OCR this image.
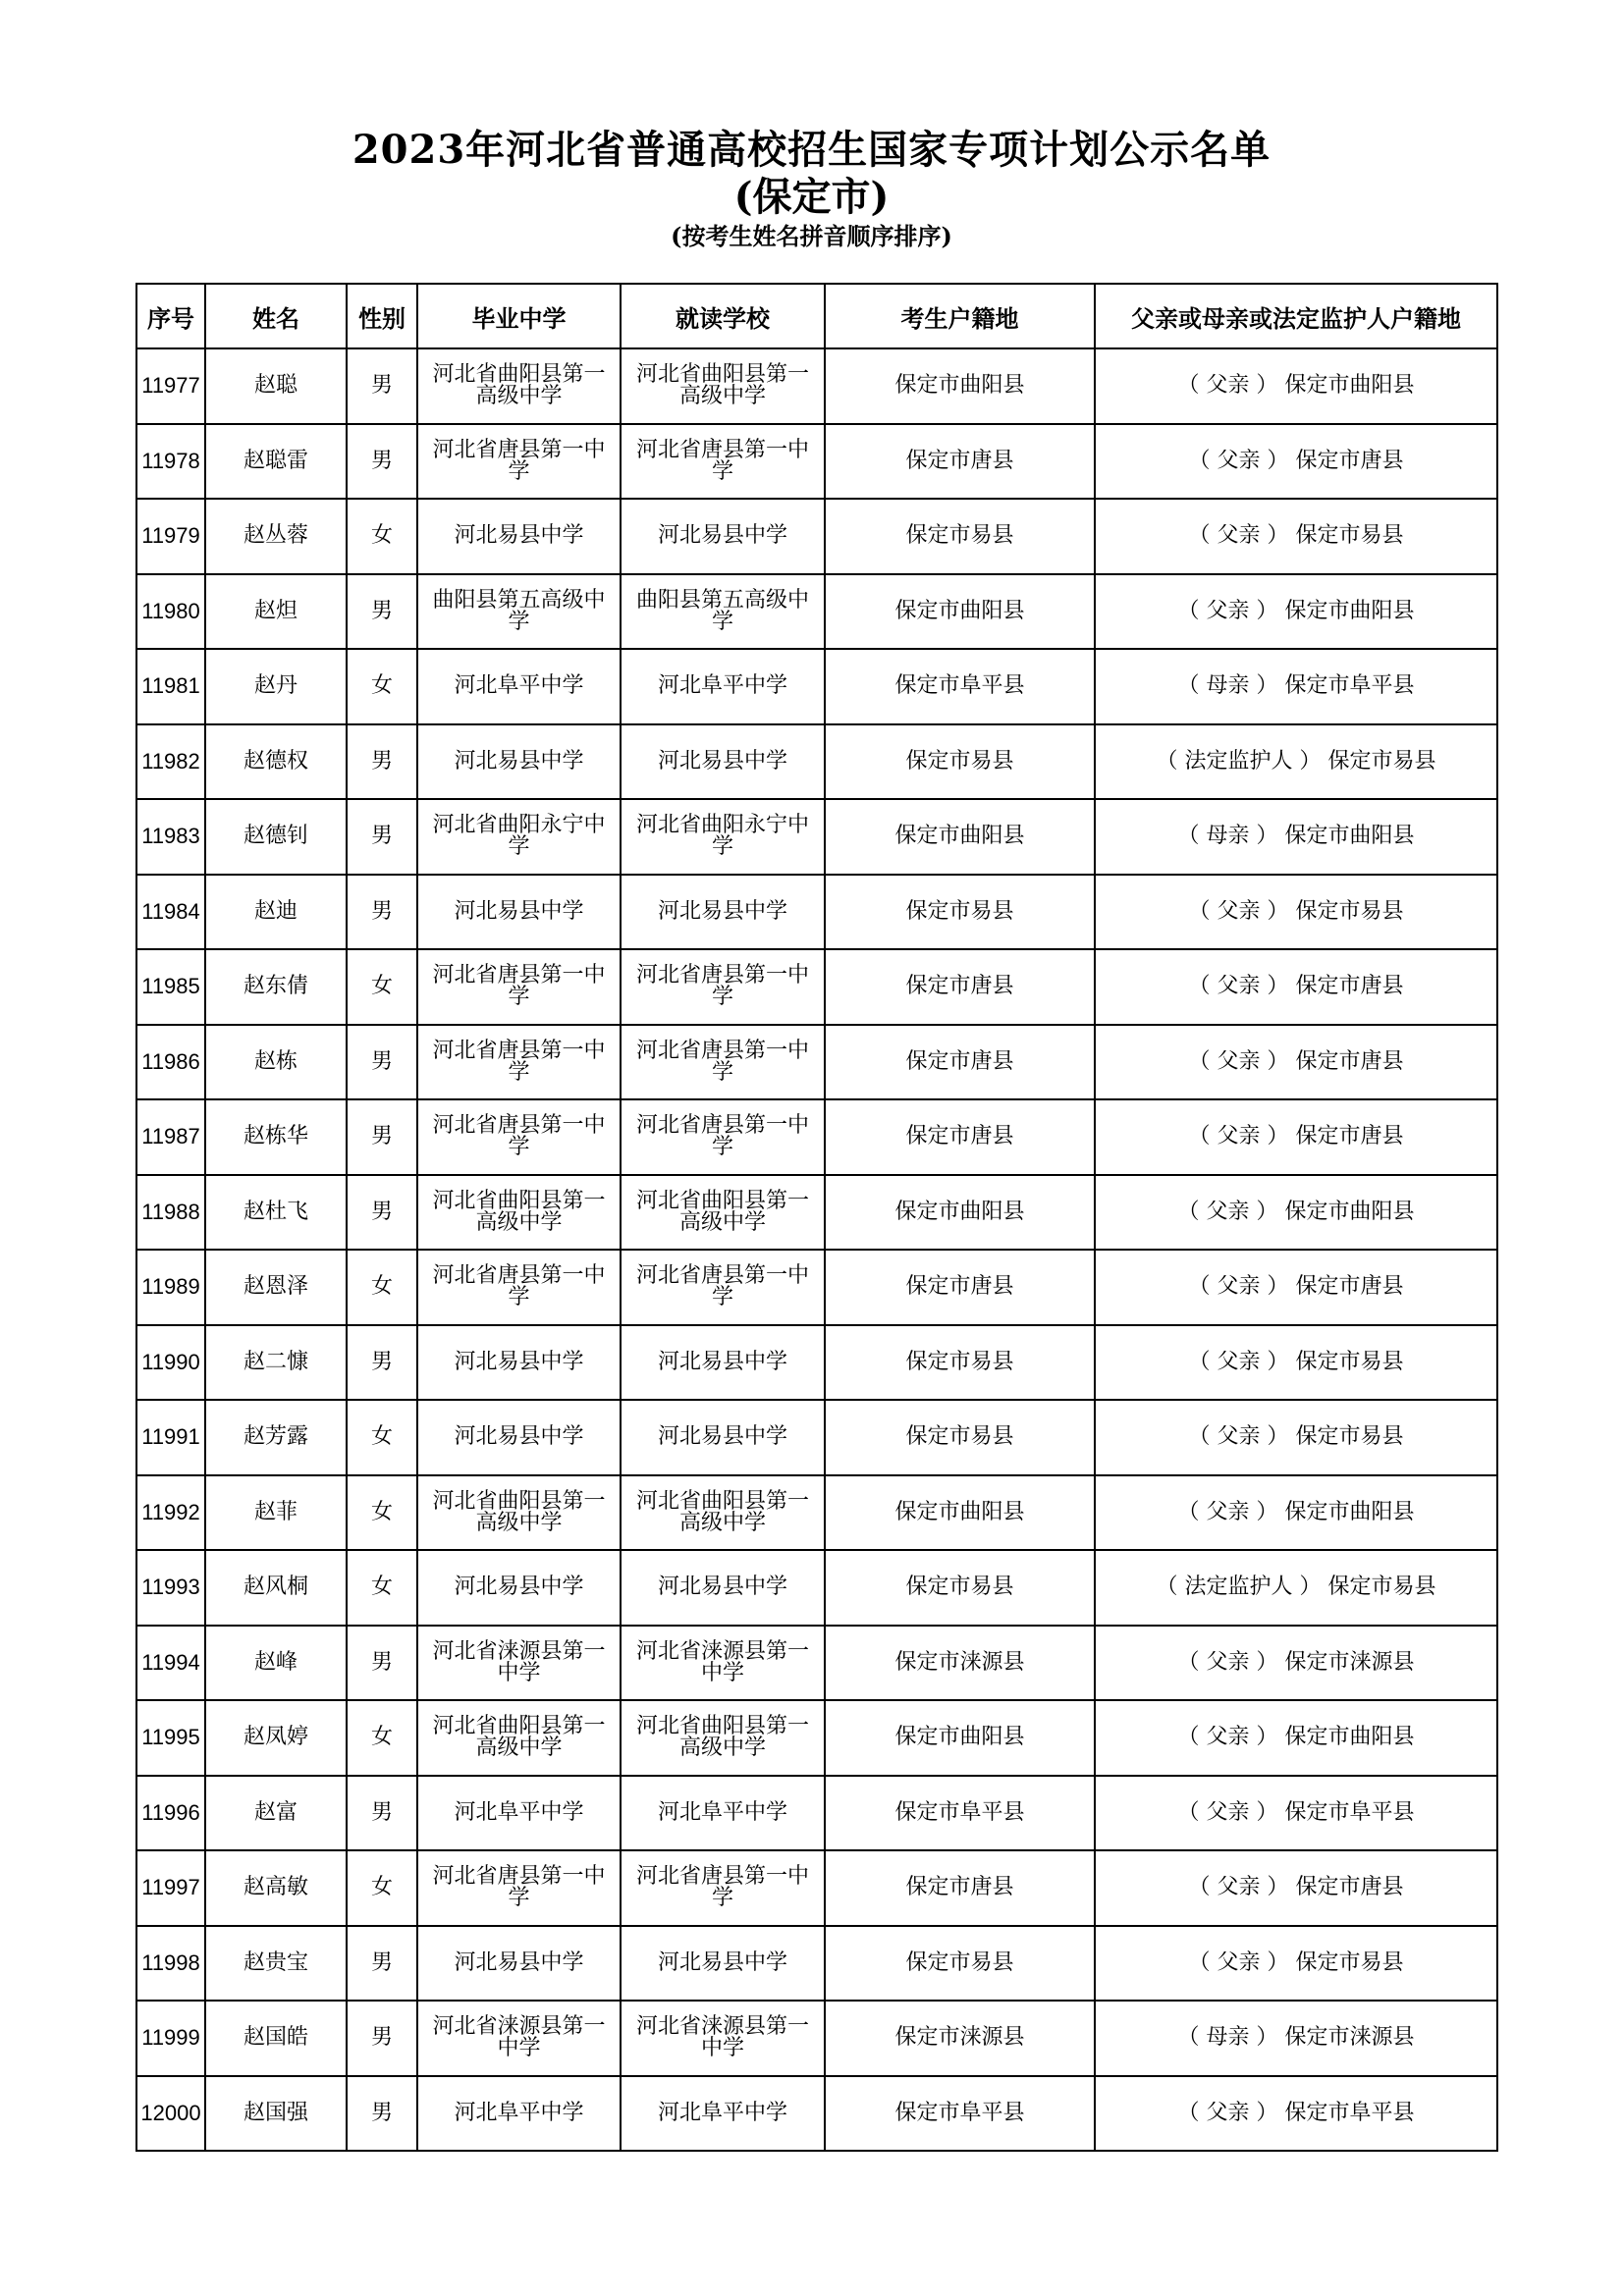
2023年河北省普通高校招生国家专项计划公示名单
(保定市)
(按考生姓名拼音顺序排序)
序号	姓名	性别	毕业中学	就读学校	考生户籍地	父亲或母亲或法定监护人户籍地
11977	赵聪	男	河北省曲阳县第一高级中学	河北省曲阳县第一高级中学	保定市曲阳县	（ 父亲 ） 保定市曲阳县
11978	赵聪雷	男	河北省唐县第一中学	河北省唐县第一中学	保定市唐县	（ 父亲 ） 保定市唐县
11979	赵丛蓉	女	河北易县中学	河北易县中学	保定市易县	（ 父亲 ） 保定市易县
11980	赵炟	男	曲阳县第五高级中学	曲阳县第五高级中学	保定市曲阳县	（ 父亲 ） 保定市曲阳县
11981	赵丹	女	河北阜平中学	河北阜平中学	保定市阜平县	（ 母亲 ） 保定市阜平县
11982	赵德权	男	河北易县中学	河北易县中学	保定市易县	（ 法定监护人 ） 保定市易县
11983	赵德钊	男	河北省曲阳永宁中学	河北省曲阳永宁中学	保定市曲阳县	（ 母亲 ） 保定市曲阳县
11984	赵迪	男	河北易县中学	河北易县中学	保定市易县	（ 父亲 ） 保定市易县
11985	赵东倩	女	河北省唐县第一中学	河北省唐县第一中学	保定市唐县	（ 父亲 ） 保定市唐县
11986	赵栋	男	河北省唐县第一中学	河北省唐县第一中学	保定市唐县	（ 父亲 ） 保定市唐县
11987	赵栋华	男	河北省唐县第一中学	河北省唐县第一中学	保定市唐县	（ 父亲 ） 保定市唐县
11988	赵杜飞	男	河北省曲阳县第一高级中学	河北省曲阳县第一高级中学	保定市曲阳县	（ 父亲 ） 保定市曲阳县
11989	赵恩泽	女	河北省唐县第一中学	河北省唐县第一中学	保定市唐县	（ 父亲 ） 保定市唐县
11990	赵二慷	男	河北易县中学	河北易县中学	保定市易县	（ 父亲 ） 保定市易县
11991	赵芳露	女	河北易县中学	河北易县中学	保定市易县	（ 父亲 ） 保定市易县
11992	赵菲	女	河北省曲阳县第一高级中学	河北省曲阳县第一高级中学	保定市曲阳县	（ 父亲 ） 保定市曲阳县
11993	赵风桐	女	河北易县中学	河北易县中学	保定市易县	（ 法定监护人 ） 保定市易县
11994	赵峰	男	河北省涞源县第一中学	河北省涞源县第一中学	保定市涞源县	（ 父亲 ） 保定市涞源县
11995	赵凤婷	女	河北省曲阳县第一高级中学	河北省曲阳县第一高级中学	保定市曲阳县	（ 父亲 ） 保定市曲阳县
11996	赵富	男	河北阜平中学	河北阜平中学	保定市阜平县	（ 父亲 ） 保定市阜平县
11997	赵高敏	女	河北省唐县第一中学	河北省唐县第一中学	保定市唐县	（ 父亲 ） 保定市唐县
11998	赵贵宝	男	河北易县中学	河北易县中学	保定市易县	（ 父亲 ） 保定市易县
11999	赵国皓	男	河北省涞源县第一中学	河北省涞源县第一中学	保定市涞源县	（ 母亲 ） 保定市涞源县
12000	赵国强	男	河北阜平中学	河北阜平中学	保定市阜平县	（ 父亲 ） 保定市阜平县
